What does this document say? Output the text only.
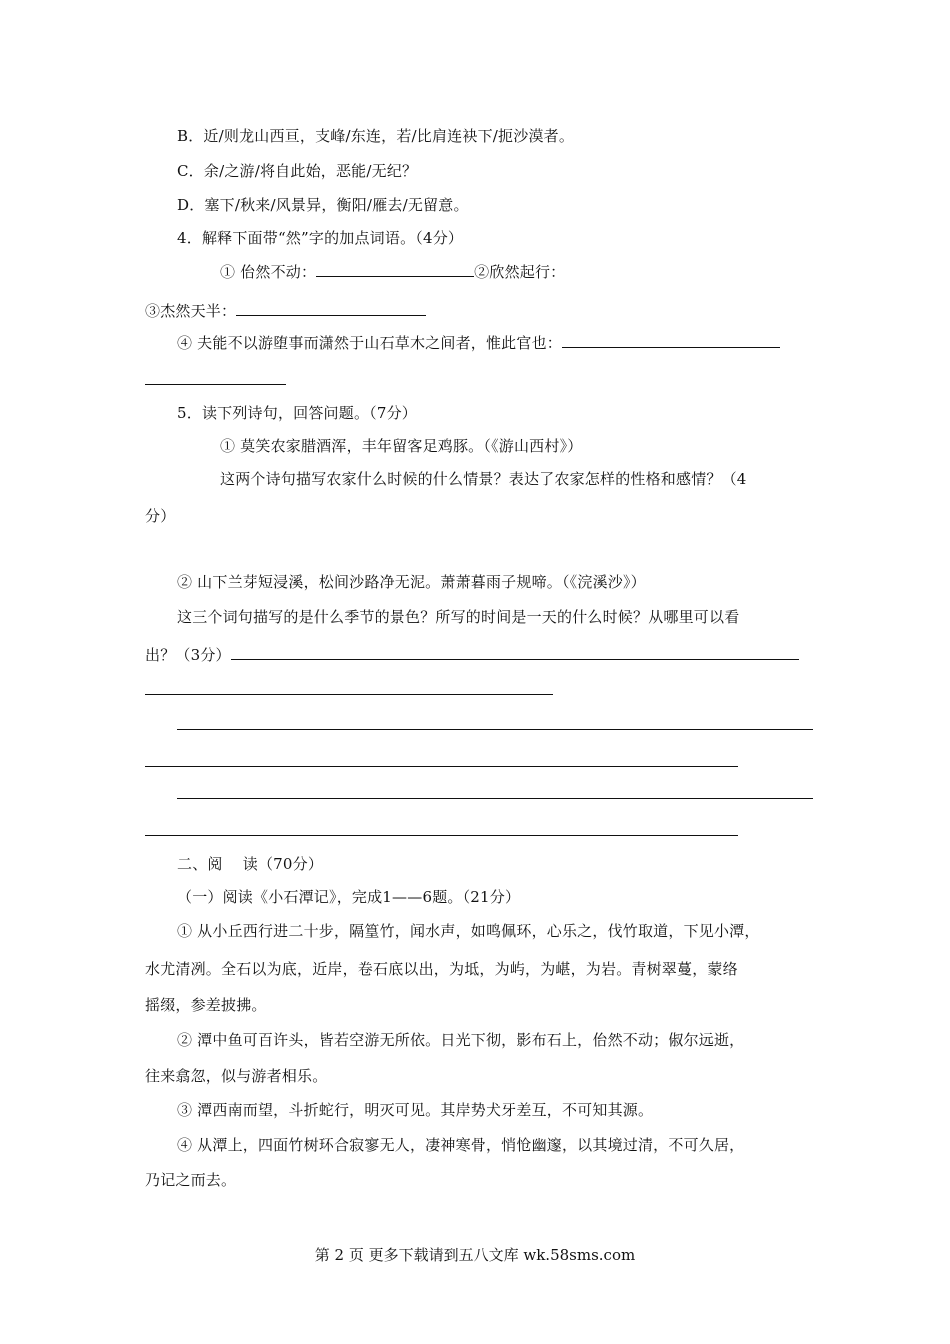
B．近/则龙山西亘，支峰/东连，若/比肩连袂下/扼沙漠者。
C．余/之游/将自此始，恶能/无纪？
D．塞下/秋来/风景异，衡阳/雁去/无留意。
4．解释下面带“然”字的加点词语。（4分）
① 佁然不动：	②欣然起行：
③杰然天半：
④ 夫能不以游堕事而潇然于山石草木之间者，惟此官也：
5．读下列诗句，回答问题。（7分）
① 莫笑农家腊酒浑，丰年留客足鸡豚。（《游山西村》）
这两个诗句描写农家什么时候的什么情景？表达了农家怎样的性格和感情？（4
分）
② 山下兰芽短浸溪，松间沙路净无泥。萧萧暮雨子规啼。（《浣溪沙》）
这三个词句描写的是什么季节的景色？所写的时间是一天的什么时候？从哪里可以看
出？（3分）
二、阅　 读（70分）
（一）阅读《小石潭记》，完成1——6题。（21分）
① 从小丘西行进二十步，隔篁竹，闻水声，如鸣佩环，心乐之，伐竹取道，下见小潭，
水尤清冽。全石以为底，近岸，卷石底以出，为坻，为屿，为嵁，为岩。青树翠蔓，蒙络
摇缀，参差披拂。
② 潭中鱼可百许头，皆若空游无所依。日光下彻，影布石上，佁然不动；俶尔远逝，
往来翕忽，似与游者相乐。
③ 潭西南而望，斗折蛇行，明灭可见。其岸势犬牙差互，不可知其源。
④ 从潭上，四面竹树环合寂寥无人，凄神寒骨，悄怆幽邃，以其境过清，不可久居，
乃记之而去。
第 2 页 更多下载请到五八文库 wk.58sms.com
